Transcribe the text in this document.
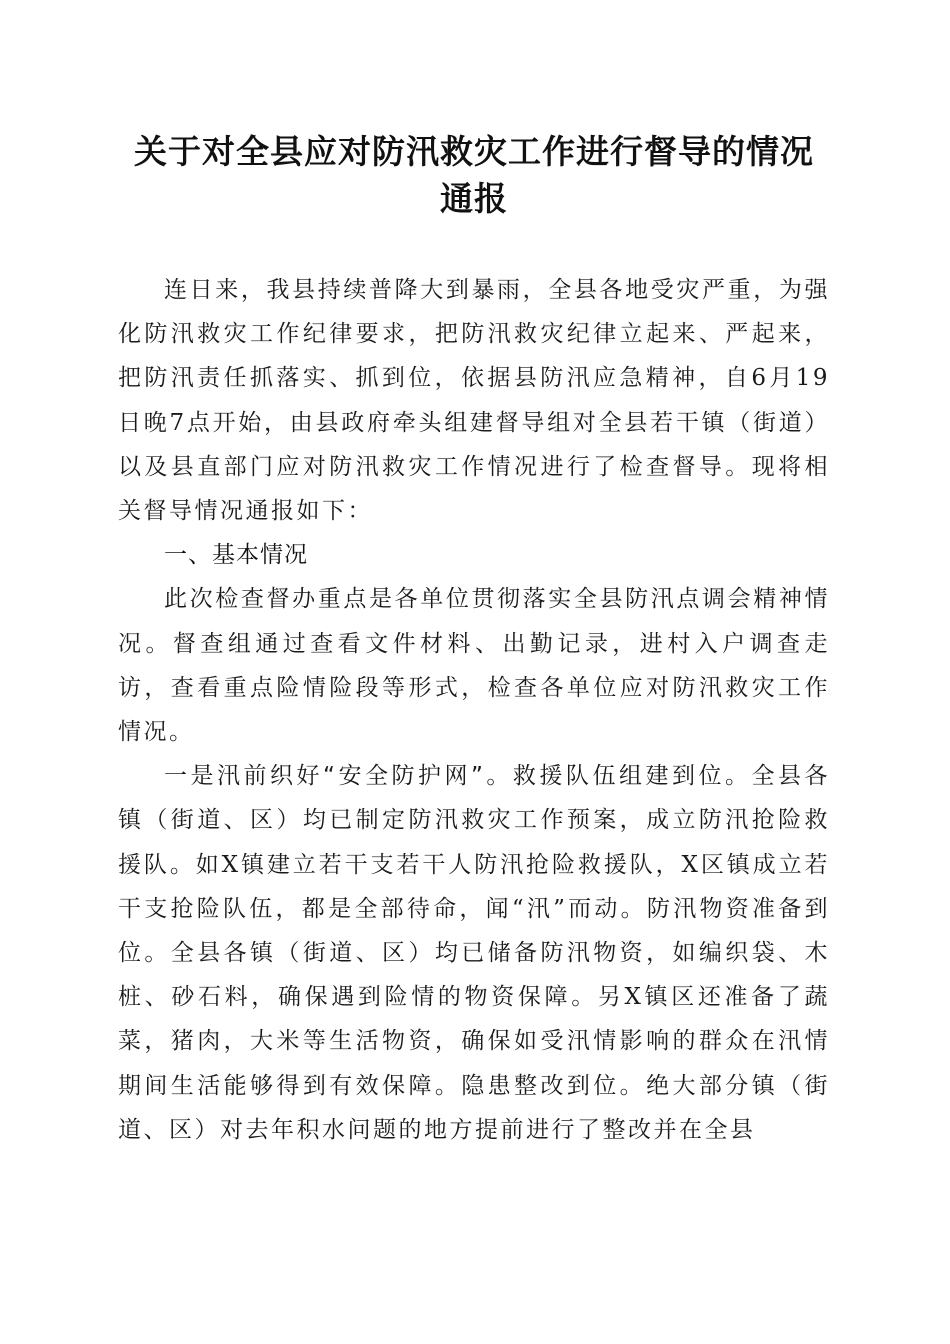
关于对全县应对防汛救灾工作进行督导的情况
通报

连日来，我县持续普降大到暴雨，全县各地受灾严重，为强化防汛救灾工作纪律要求，把防汛救灾纪律立起来、严起来，把防汛责任抓落实、抓到位，依据县防汛应急精神，自6月19日晚7点开始，由县政府牵头组建督导组对全县若干镇（街道）以及县直部门应对防汛救灾工作情况进行了检查督导。现将相关督导情况通报如下：

一、基本情况

此次检查督办重点是各单位贯彻落实全县防汛点调会精神情况。督查组通过查看文件材料、出勤记录，进村入户调查走访，查看重点险情险段等形式，检查各单位应对防汛救灾工作情况。

一是汛前织好“安全防护网”。救援队伍组建到位。全县各镇（街道、区）均已制定防汛救灾工作预案，成立防汛抢险救援队。如X镇建立若干支若干人防汛抢险救援队，X区镇成立若干支抢险队伍，都是全部待命，闻“汛”而动。防汛物资准备到位。全县各镇（街道、区）均已储备防汛物资，如编织袋、木桩、砂石料，确保遇到险情的物资保障。另X镇区还准备了蔬菜，猪肉，大米等生活物资，确保如受汛情影响的群众在汛情期间生活能够得到有效保障。隐患整改到位。绝大部分镇（街道、区）对去年积水问题的地方提前进行了整改并在全县
